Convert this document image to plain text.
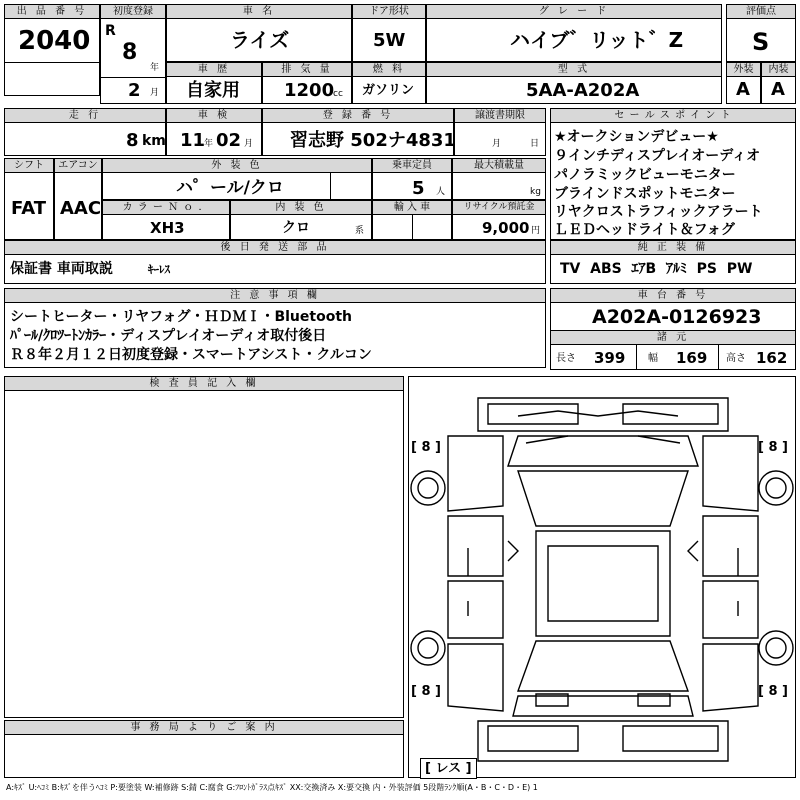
出 品 番 号
2040
初度登録
R
8
年
2 月
車 名
ライズ
ドア形状
5W
グ レ ー ド
ハイブ゛リット゛Z
評価点
S
車 歴
自家用
排 気 量
1200
cc
燃 料
ガソリン
型 式
5AA-A202A
外装
A
内装
A
走 行
8 km
車 検
11
年 02 月
登 録 番 号
習志野 502ナ4831
譲渡書期限
月	日
セ ー ル ス ポ イ ン ト
★オークションデビュー★
９インチディスプレイオーディオ
パノラミックビューモニター
ブラインドスポットモニター
リヤクロストラフィックアラート
ＬＥＤヘッドライト＆フォグ
シフト
FAT
エアコン
AAC
外 装 色
ハ゜ール/クロ
乗車定員
5 人
最大積載量
kg
カ ラ ー Ｎ ｏ ．
XH3
内 装 色
クロ	系
輸 入 車	リサイクル預託金
9,000 円
後 日 発 送 部 品
保証書 車両取説	ｷｰﾚｽ
純 正 装 備
TV  ABS  ｴｱB  ｱﾙﾐ  PS  PW
注 意 事 項 欄
シートヒーター・リヤフォグ・ＨＤＭＩ・Bluetooth
ﾊﾟｰﾙ/ｸﾛﾂｰﾄﾝｶﾗｰ・ディスプレイオーディオ取付後日
Ｒ８年２月１２日初度登録・スマートアシスト・クルコン
車 台 番 号
A202A-0126923
諸 元
長さ 399 幅 169 高さ 162
検 査 員 記 入 欄
事 務 局 よ り ご 案 内
[ 8 ]	[ 8 ]
[ 8 ]	[ 8 ]
[ レス ]
A:ｷｽﾞ U:ﾍｺﾐ B:ｷｽﾞを伴うﾍｺﾐ P:要塗装 W:補修跡 S:錆 C:腐食 G:ﾌﾛﾝﾄｶﾞﾗｽ点ｷｽﾞ XX:交換済み X:要交換 内・外装評価 5段階ﾗﾝｸ順(A・B・C・D・E) 1
